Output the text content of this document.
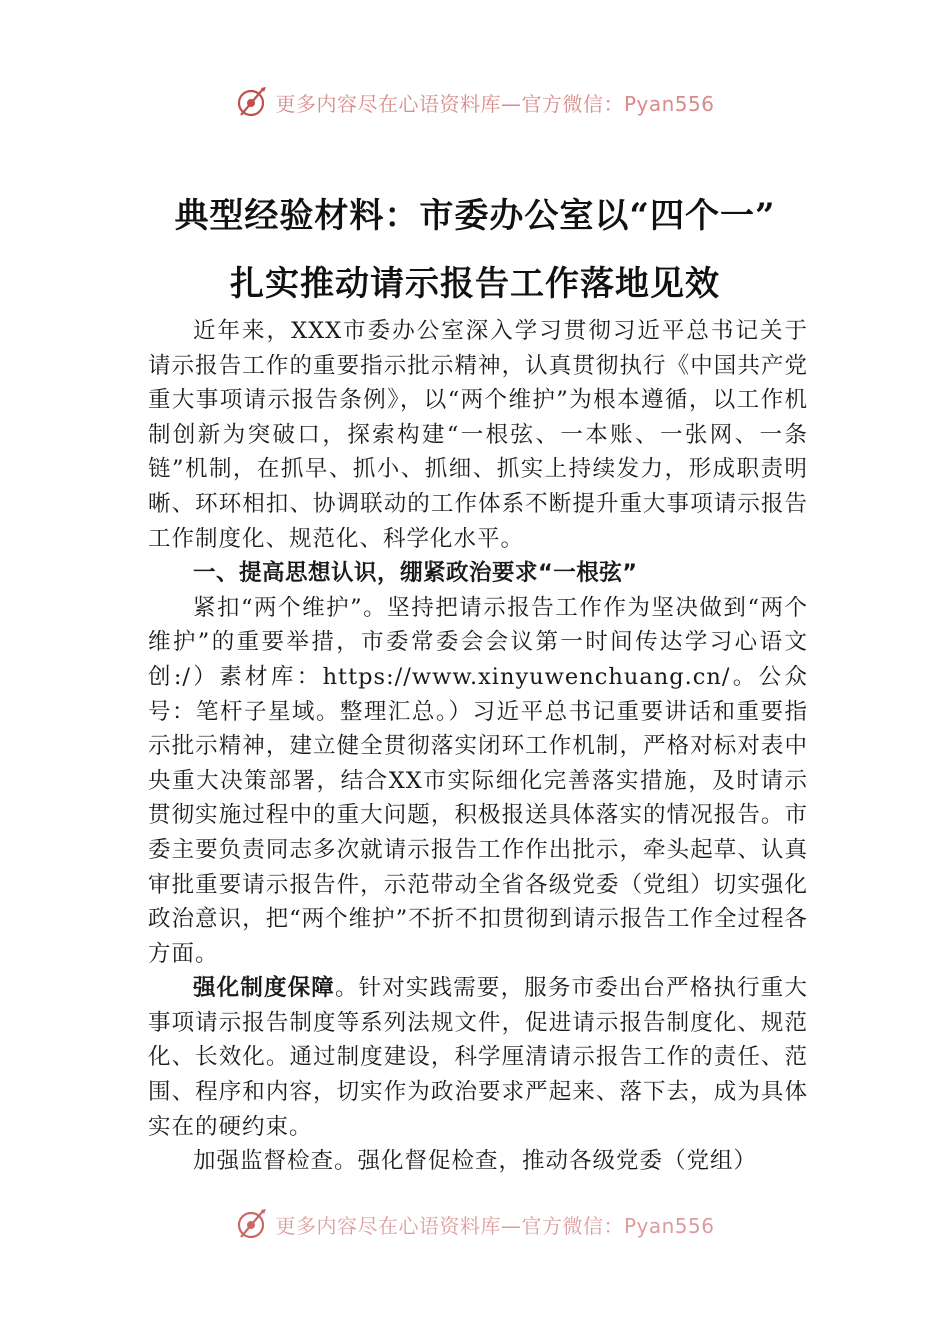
更多内容尽在心语资料库—官方微信：Pyan556
典型经验材料：市委办公室以“四个一”
扎实推动请示报告工作落地见效

近年来，XXX市委办公室深入学习贯彻习近平总书记关于请示报告工作的重要指示批示精神，认真贯彻执行《中国共产党重大事项请示报告条例》，以“两个维护”为根本遵循，以工作机制创新为突破口，探索构建“一根弦、一本账、一张网、一条链”机制，在抓早、抓小、抓细、抓实上持续发力，形成职责明晰、环环相扣、协调联动的工作体系不断提升重大事项请示报告工作制度化、规范化、科学化水平。

一、提高思想认识，绷紧政治要求“一根弦”

紧扣“两个维护”。坚持把请示报告工作作为坚决做到“两个维护”的重要举措，市委常委会会议第一时间传达学习心语文创:/）素材库：https://www.xinyuwenchuang.cn/。公众号：笔杆子星域。整理汇总。）习近平总书记重要讲话和重要指示批示精神，建立健全贯彻落实闭环工作机制，严格对标对表中央重大决策部署，结合XX市实际细化完善落实措施，及时请示贯彻实施过程中的重大问题，积极报送具体落实的情况报告。市委主要负责同志多次就请示报告工作作出批示，牵头起草、认真审批重要请示报告件，示范带动全省各级党委（党组）切实强化政治意识，把“两个维护”不折不扣贯彻到请示报告工作全过程各方面。

强化制度保障。针对实践需要，服务市委出台严格执行重大事项请示报告制度等系列法规文件，促进请示报告制度化、规范化、长效化。通过制度建设，科学厘清请示报告工作的责任、范围、程序和内容，切实作为政治要求严起来、落下去，成为具体实在的硬约束。

加强监督检查。强化督促检查，推动各级党委（党组）

更多内容尽在心语资料库—官方微信：Pyan556
